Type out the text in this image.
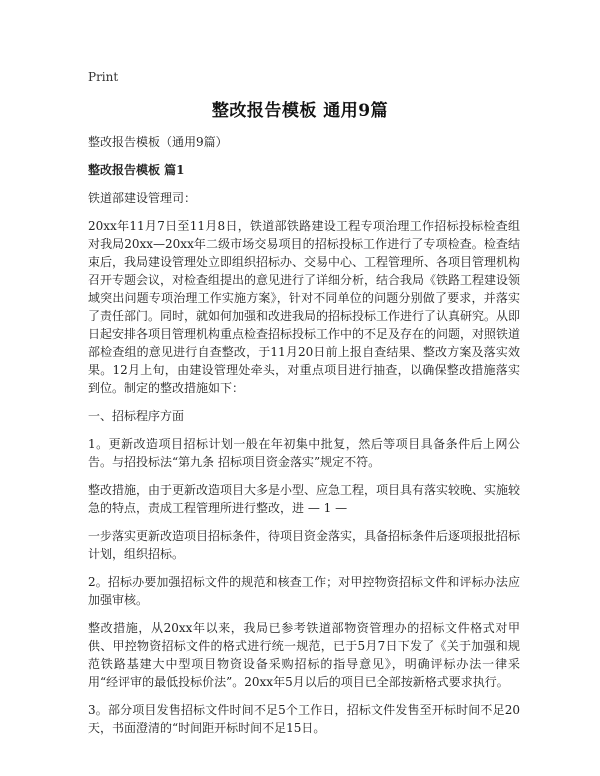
Print
整改报告模板 通用9篇

整改报告模板（通用9篇）

整改报告模板 篇1

铁道部建设管理司：

20xx年11月7日至11月8日，铁道部铁路建设工程专项治理工作招标投标检查组对我局20xx—20xx年二级市场交易项目的招标投标工作进行了专项检查。检查结束后，我局建设管理处立即组织招标办、交易中心、工程管理所、各项目管理机构召开专题会议，对检查组提出的意见进行了详细分析，结合我局《铁路工程建设领域突出问题专项治理工作实施方案》，针对不同单位的问题分别做了要求，并落实了责任部门。同时，就如何加强和改进我局的招标投标工作进行了认真研究。从即日起安排各项目管理机构重点检查招标投标工作中的不足及存在的问题，对照铁道部检查组的意见进行自查整改，于11月20日前上报自查结果、整改方案及落实效果。12月上旬，由建设管理处牵头，对重点项目进行抽查，以确保整改措施落实到位。制定的整改措施如下：

一、招标程序方面

1。更新改造项目招标计划一般在年初集中批复，然后等项目具备条件后上网公告。与招投标法“第九条 招标项目资金落实”规定不符。

整改措施，由于更新改造项目大多是小型、应急工程，项目具有落实较晚、实施较急的特点，责成工程管理所进行整改，进 — 1 —

一步落实更新改造项目招标条件，待项目资金落实，具备招标条件后逐项报批招标计划，组织招标。

2。招标办要加强招标文件的规范和核查工作；对甲控物资招标文件和评标办法应加强审核。

整改措施，从20xx年以来，我局已参考铁道部物资管理办的招标文件格式对甲供、甲控物资招标文件的格式进行统一规范，已于5月7日下发了《关于加强和规范铁路基建大中型项目物资设备采购招标的指导意见》，明确评标办法一律采用“经评审的最低投标价法”。20xx年5月以后的项目已全部按新格式要求执行。

3。部分项目发售招标文件时间不足5个工作日，招标文件发售至开标时间不足20天，书面澄清的“时间距开标时间不足15日。
